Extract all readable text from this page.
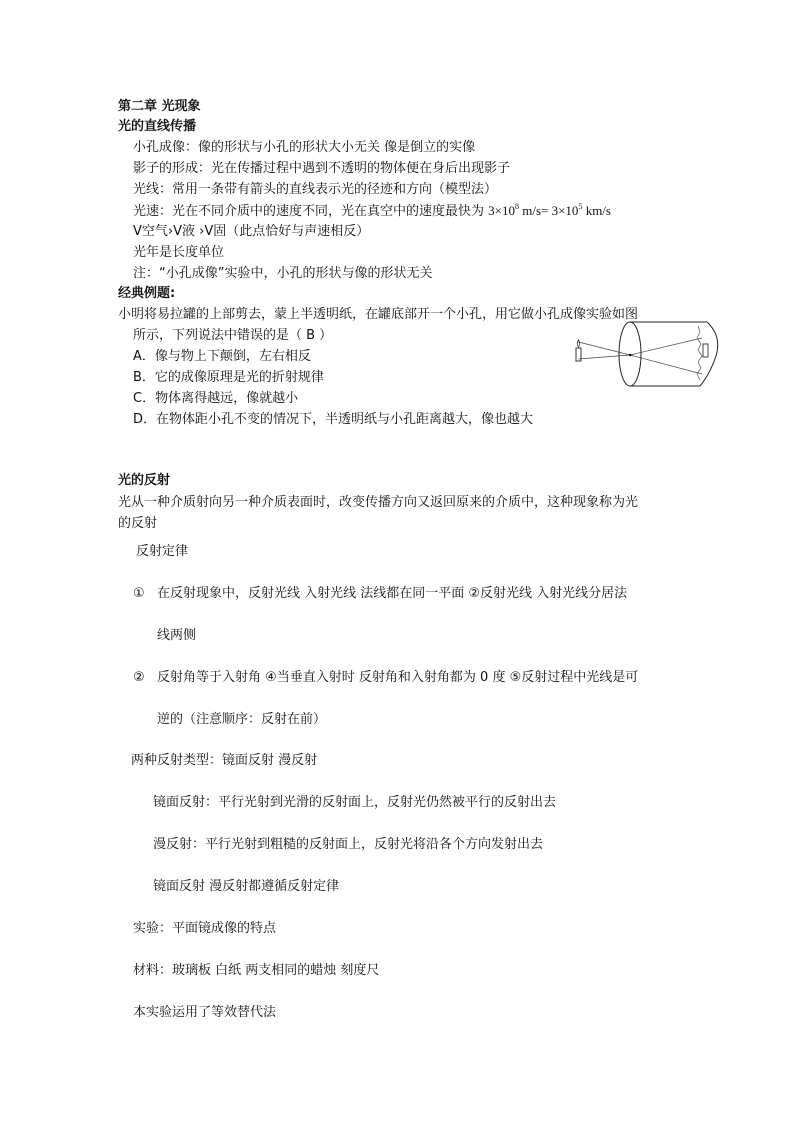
第二章 光现象
光的直线传播
小孔成像：像的形状与小孔的形状大小无关 像是倒立的实像
影子的形成：光在传播过程中遇到不透明的物体便在身后出现影子
光线：常用一条带有箭头的直线表示光的径迹和方向（模型法）
光速：光在不同介质中的速度不同，光在真空中的速度最快为 $3\times 10^8$ $m/s= 3\times 10^5$ km/s
V空气›V液 ›V固（此点恰好与声速相反）
光年是长度单位
注：“小孔成像”实验中，小孔的形状与像的形状无关
经典例题:
小明将易拉罐的上部剪去，蒙上半透明纸，在罐底部开一个小孔，用它做小孔成像实验如图
所示，下列说法中错误的是（ B ）
A．像与物上下颠倒，左右相反
B．它的成像原理是光的折射规律
C．物体离得越远，像就越小
D．在物体距小孔不变的情况下，半透明纸与小孔距离越大，像也越大
光的反射
光从一种介质射向另一种介质表面时，改变传播方向又返回原来的介质中，这种现象称为光
的反射
反射定律
① 在反射现象中，反射光线 入射光线 法线都在同一平面 ②反射光线 入射光线分居法
线两侧
② 反射角等于入射角 ④当垂直入射时 反射角和入射角都为 0 度 ⑤反射过程中光线是可
逆的（注意顺序：反射在前）
两种反射类型：镜面反射 漫反射
镜面反射：平行光射到光滑的反射面上，反射光仍然被平行的反射出去
漫反射：平行光射到粗糙的反射面上，反射光将沿各个方向发射出去
镜面反射 漫反射都遵循反射定律
实验：平面镜成像的特点
材料：玻璃板 白纸 两支相同的蜡烛 刻度尺
本实验运用了等效替代法
